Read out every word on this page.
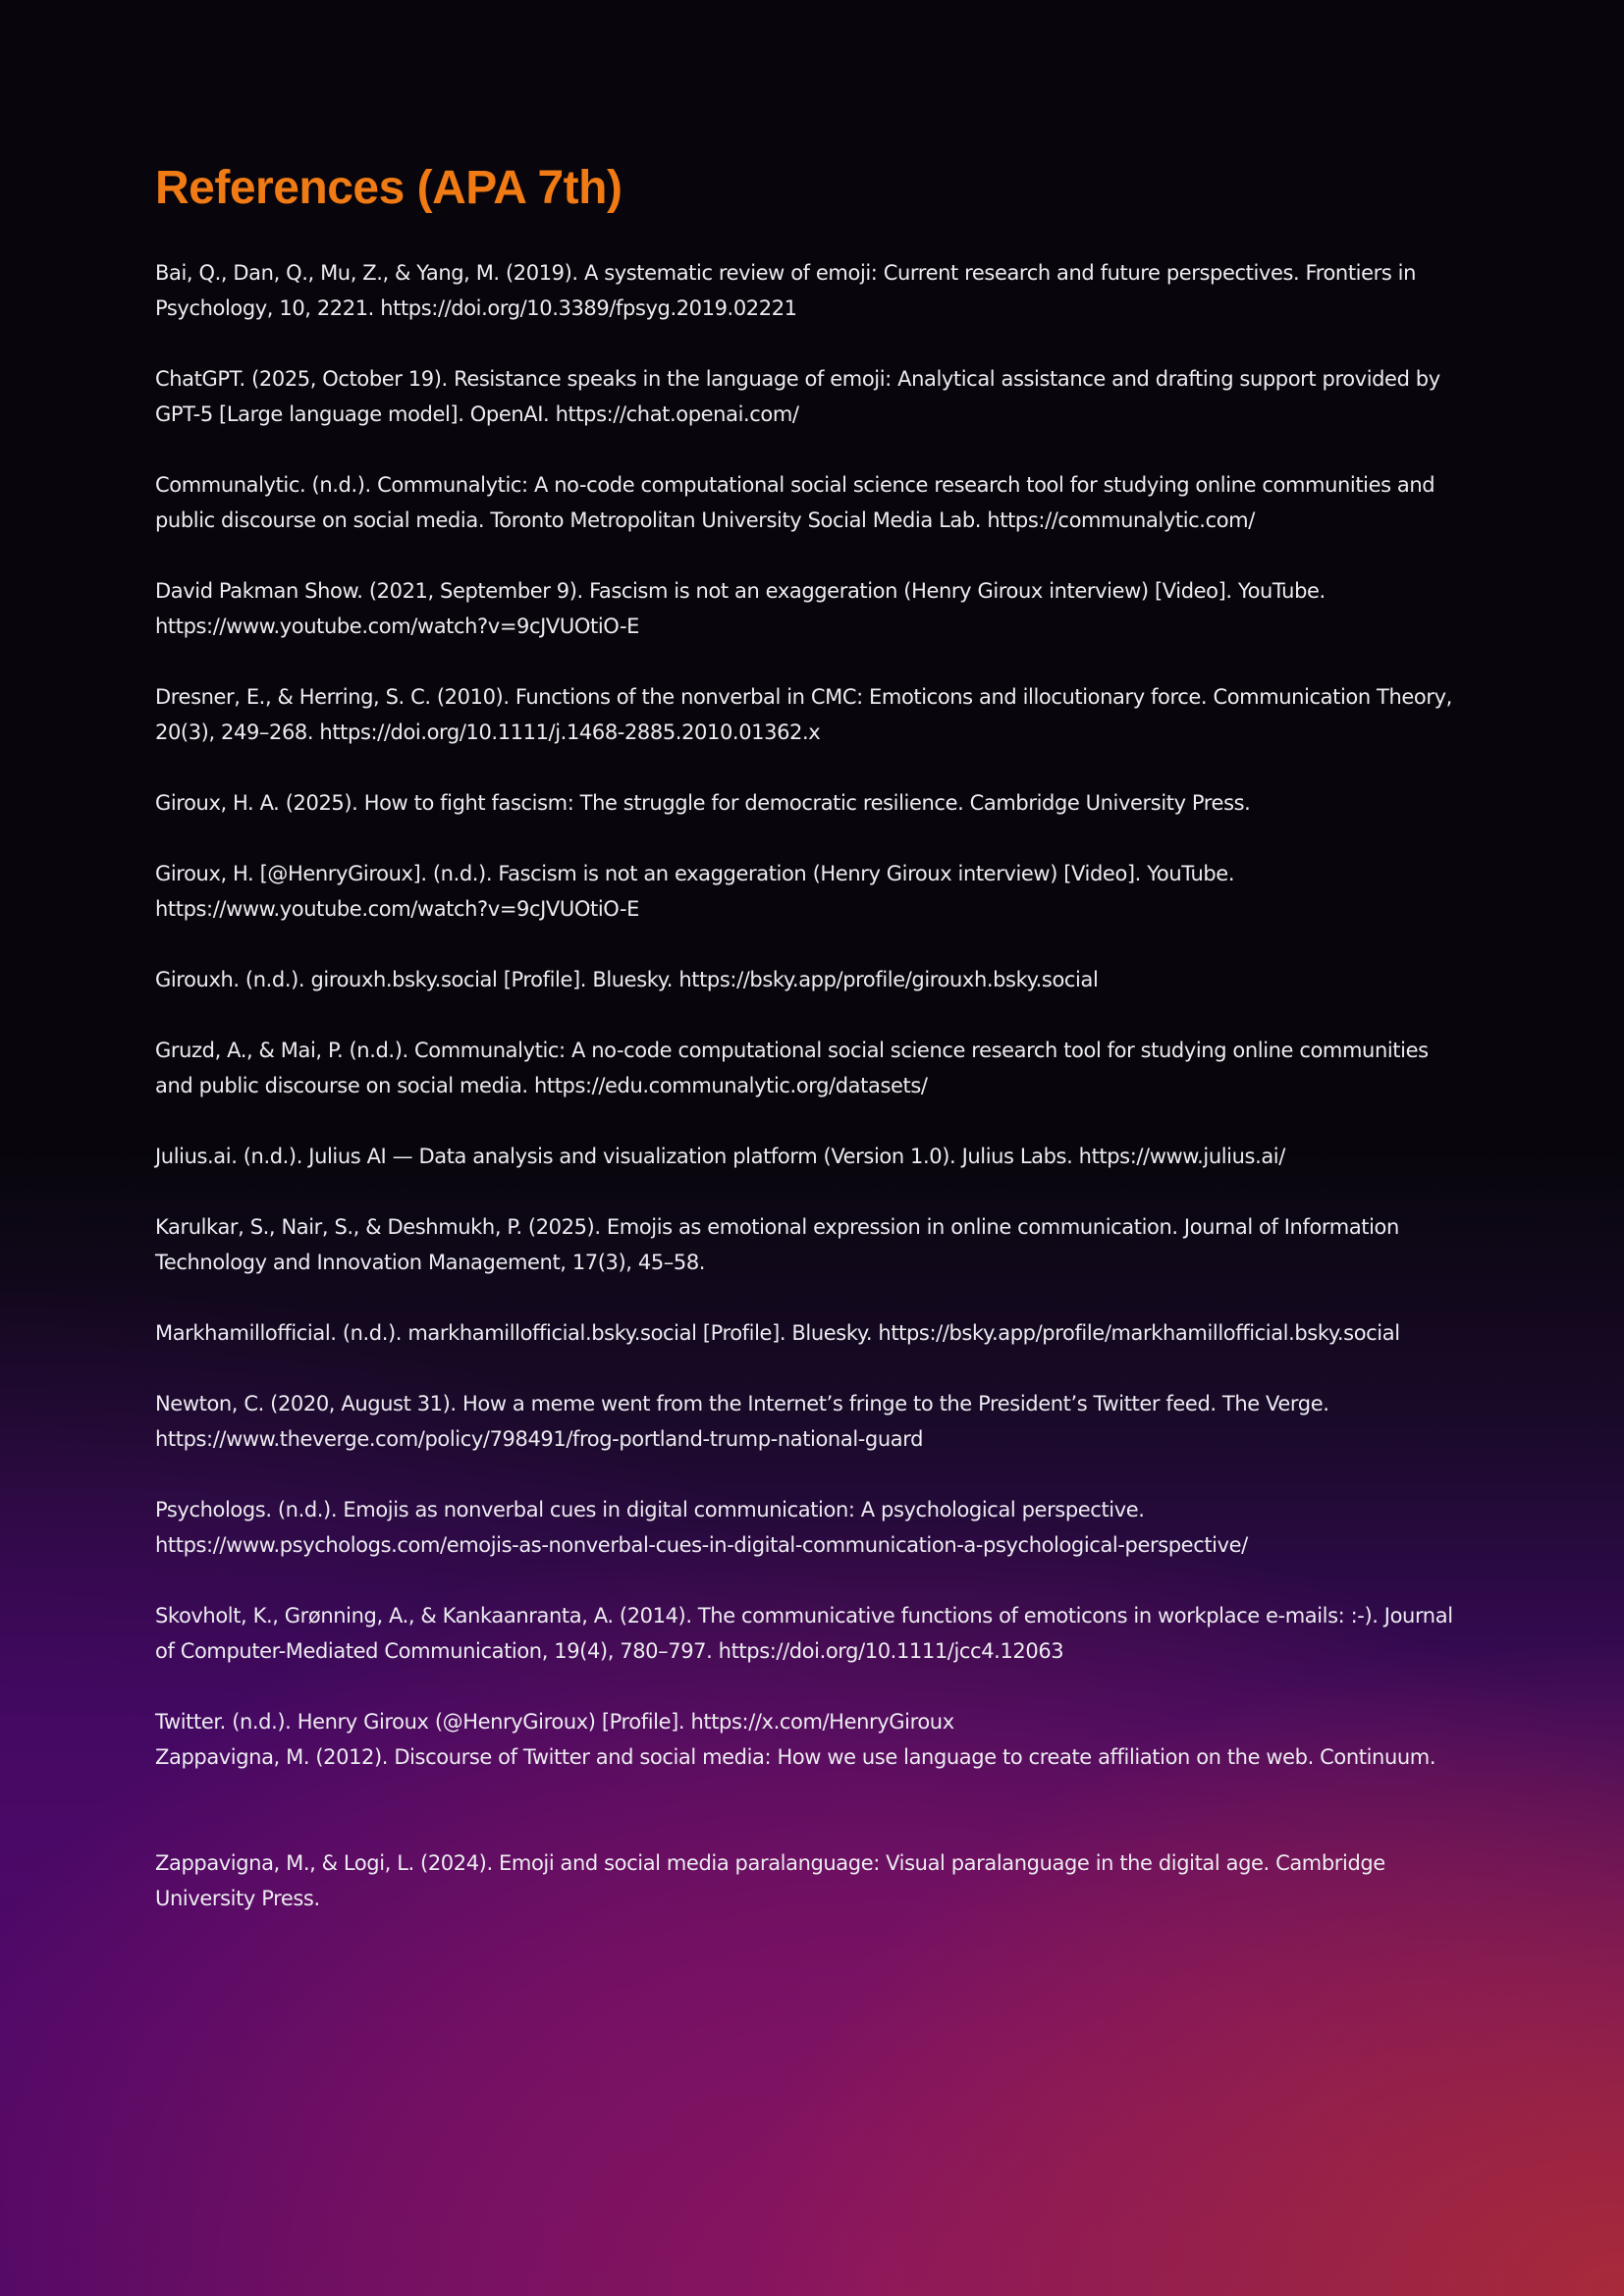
References (APA 7th)
Bai, Q., Dan, Q., Mu, Z., & Yang, M. (2019). A systematic review of emoji: Current research and future perspectives. Frontiers in Psychology, 10, 2221. https://doi.org/10.3389/fpsyg.2019.02221
ChatGPT. (2025, October 19). Resistance speaks in the language of emoji: Analytical assistance and drafting support provided by GPT-5 [Large language model]. OpenAI. https://chat.openai.com/
Communalytic. (n.d.). Communalytic: A no-code computational social science research tool for studying online communities and public discourse on social media. Toronto Metropolitan University Social Media Lab. https://communalytic.com/
David Pakman Show. (2021, September 9). Fascism is not an exaggeration (Henry Giroux interview) [Video]. YouTube. https://www.youtube.com/watch?v=9cJVUOtiO-E
Dresner, E., & Herring, S. C. (2010). Functions of the nonverbal in CMC: Emoticons and illocutionary force. Communication Theory, 20(3), 249–268. https://doi.org/10.1111/j.1468-2885.2010.01362.x
Giroux, H. A. (2025). How to fight fascism: The struggle for democratic resilience. Cambridge University Press.
Giroux, H. [@HenryGiroux]. (n.d.). Fascism is not an exaggeration (Henry Giroux interview) [Video]. YouTube. https://www.youtube.com/watch?v=9cJVUOtiO-E
Girouxh. (n.d.). girouxh.bsky.social [Profile]. Bluesky. https://bsky.app/profile/girouxh.bsky.social
Gruzd, A., & Mai, P. (n.d.). Communalytic: A no-code computational social science research tool for studying online communities and public discourse on social media. https://edu.communalytic.org/datasets/
Julius.ai. (n.d.). Julius AI — Data analysis and visualization platform (Version 1.0). Julius Labs. https://www.julius.ai/
Karulkar, S., Nair, S., & Deshmukh, P. (2025). Emojis as emotional expression in online communication. Journal of Information Technology and Innovation Management, 17(3), 45–58.
Markhamillofficial. (n.d.). markhamillofficial.bsky.social [Profile]. Bluesky. https://bsky.app/profile/markhamillofficial.bsky.social
Newton, C. (2020, August 31). How a meme went from the Internet’s fringe to the President’s Twitter feed. The Verge. https://www.theverge.com/policy/798491/frog-portland-trump-national-guard
Psychologs. (n.d.). Emojis as nonverbal cues in digital communication: A psychological perspective. https://www.psychologs.com/emojis-as-nonverbal-cues-in-digital-communication-a-psychological-perspective/
Skovholt, K., Grønning, A., & Kankaanranta, A. (2014). The communicative functions of emoticons in workplace e-mails: :-). Journal of Computer-Mediated Communication, 19(4), 780–797. https://doi.org/10.1111/jcc4.12063
Twitter. (n.d.). Henry Giroux (@HenryGiroux) [Profile]. https://x.com/HenryGiroux
Zappavigna, M. (2012). Discourse of Twitter and social media: How we use language to create affiliation on the web. Continuum.
Zappavigna, M., & Logi, L. (2024). Emoji and social media paralanguage: Visual paralanguage in the digital age. Cambridge University Press.
